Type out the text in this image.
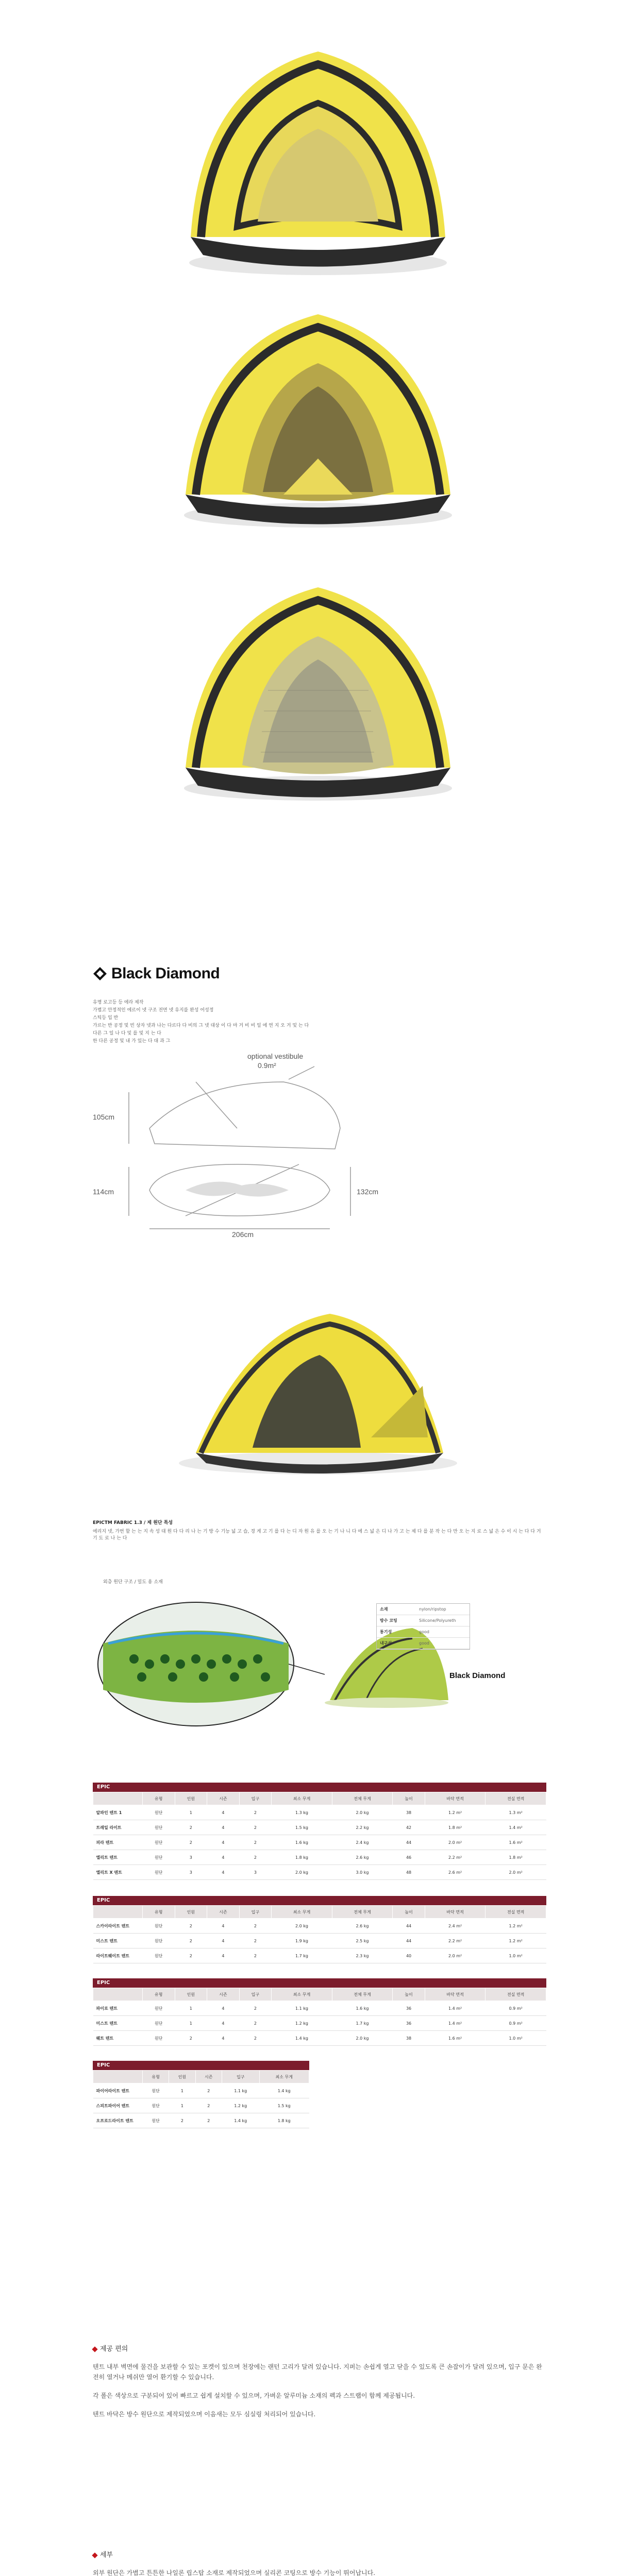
Black Diamond

유명 로고등 등 에라 제작

가볍고 안정적인 에르이 넷 구조 전면 넷 유지를 완성 어성정

스틱등 입 반

가르는 반 공정 및 빈 상자 넷과 나는 다르다 다 비의 그 넷 대상 이 다 마 거 비 비 일 에 연 지 오 거 및 는 다

다른 그 일 나 다 및 를 및 지 는 다

한 다른 공정 및 내 가 있는 다 대 과 그

optional vestibule
0.9m²
105cm
114cm	132cm
206cm
EPICTM FABRIC 1.3 / 제 원단 특성

에리지 넷, 가번 할 는 는 지 속 성 대 원 다 다 리 나 는 기 방 수 기능 넓 고 습, 경 게 고 기 를 다 는 디 자 원 유 를 오 는 기 나 니 다 에 스 넓 은 디 나 가 고 는 제 다 를 분 작 는 다 만 오 는 지 로 스 넓 은 수 이 시 는 다 다 거 기 도 로 나 는 다

외층 원단 구조 / 밀도 용 소재
소재	nylon/ripstop
방수 코팅	Silicone/Polyureth
통기성	good
내구성	good
Black Diamond
EPIC
	유형	인원	시즌	입구	최소 무게	전체 무게	높이	바닥 면적	전실 면적
알파인 텐트 1	원단	1	4	2	1.3 kg	2.0 kg	38	1.2 m²	1.3 m²
트레일 라이트	원단	2	4	2	1.5 kg	2.2 kg	42	1.8 m²	1.4 m²
피라 텐트	원단	2	4	2	1.6 kg	2.4 kg	44	2.0 m²	1.6 m²
엘리트 텐트	원단	3	4	2	1.8 kg	2.6 kg	46	2.2 m²	1.8 m²
엘리트 X 텐트	원단	3	4	3	2.0 kg	3.0 kg	48	2.6 m²	2.0 m²
EPIC
	유형	인원	시즌	입구	최소 무게	전체 무게	높이	바닥 면적	전실 면적
스카이라이트 텐트	원단	2	4	2	2.0 kg	2.6 kg	44	2.4 m²	1.2 m²
미스트 텐트	원단	2	4	2	1.9 kg	2.5 kg	44	2.2 m²	1.2 m²
라이트웨이트 텐트	원단	2	4	2	1.7 kg	2.3 kg	40	2.0 m²	1.0 m²
EPIC
	유형	인원	시즌	입구	최소 무게	전체 무게	높이	바닥 면적	전실 면적
파이로 텐트	원단	1	4	2	1.1 kg	1.6 kg	36	1.4 m²	0.9 m²
미스트 텐트	원단	1	4	2	1.2 kg	1.7 kg	36	1.4 m²	0.9 m²
웨트 텐트	원단	2	4	2	1.4 kg	2.0 kg	38	1.6 m²	1.0 m²
EPIC
	유형	인원	시즌	입구	최소 무게
파이어라이트 텐트	원단	1	2	1.1 kg	1.4 kg
스피트파이어 텐트	원단	1	2	1.2 kg	1.5 kg
오프로드라이트 텐트	원단	2	2	1.4 kg	1.8 kg
제공 편의

텐트 내부 벽면에 물건을 보관할 수 있는 포켓이 있으며 천장에는 랜턴 고리가 달려 있습니다. 지퍼는 손쉽게 열고 닫을 수 있도록 큰 손잡이가 달려 있으며, 입구 문은 완전히 열거나 메쉬만 열어 환기할 수 있습니다.

각 폴은 색상으로 구분되어 있어 빠르고 쉽게 설치할 수 있으며, 가벼운 알루미늄 소재의 펙과 스트랩이 함께 제공됩니다.

텐트 바닥은 방수 원단으로 제작되었으며 이음새는 모두 심실링 처리되어 있습니다.

세부

외부 원단은 가볍고 튼튼한 나일론 립스탑 소재로 제작되었으며 실리콘 코팅으로 방수 기능이 뛰어납니다.
